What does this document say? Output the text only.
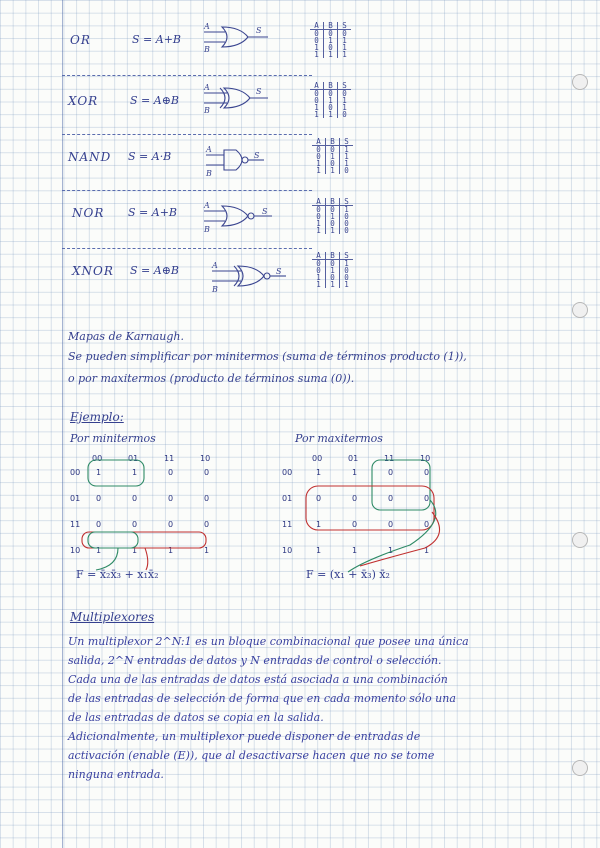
OR	S = A+B
XOR	S = A⊕B
NAND S = A·B
NOR S = A+B
XNOR S = A⊕B
A
B
S
A
B
S
A
B
S
A
B
S
A
B
S
A	B	S
0	0	0
0	1	1
1	0	1
1	1	1
A	B	S
0	0	0
0	1	1
1	0	1
1	1	0
A	B	S
0	0	1
0	1	1
1	0	1
1	1	0
A	B	S
0	0	1
0	1	0
1	0	0
1	1	0
A	B	S
0	0	1
0	1	0
1	0	0
1	1	1
Mapas de Karnaugh.
Se pueden simplificar por minitermos (suma de términos producto (1)),
o por maxitermos (producto de términos suma (0)).
Ejemplo:
Por minitermos	Por maxitermos
00	01	11	10
00 1	1	0	0
01 0	0	0	0
11 0	0	0	0
10 1	1	1	1
00	01	11	10
00	1	1	0	0
01	0	0	0	0
11	1	0	0	0
10	1	1	1	1
F = x̄₂x̄₃ + x₁x̄₂	F = (x₁ + x̄₃) x̄₂
Multiplexores
Un multiplexor 2^N:1 es un bloque combinacional que posee una única
salida, 2^N entradas de datos y N entradas de control o selección.
Cada una de las entradas de datos está asociada a una combinación
de las entradas de selección de forma que en cada momento sólo una
de las entradas de datos se copia en la salida.
Adicionalmente, un multiplexor puede disponer de entradas de
activación (enable (E)), que al desactivarse hacen que no se tome
ninguna entrada.
